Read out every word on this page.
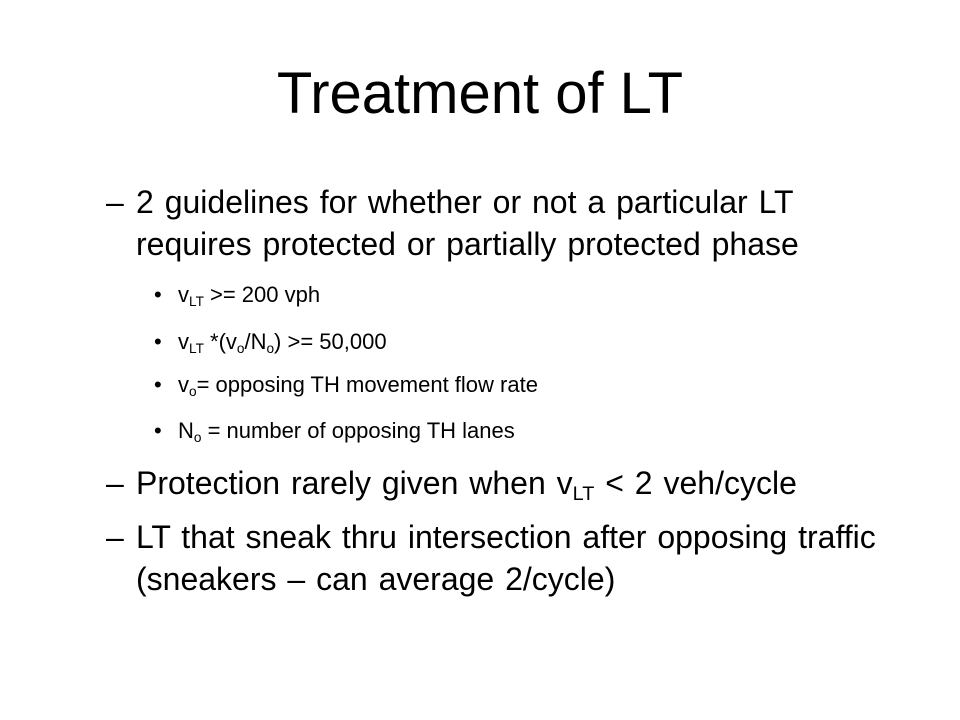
Treatment of LT
– 2 guidelines for whether or not a particular LT requires protected or partially protected phase
• $v_{LT} >= 200$ vph
• $v_{LT}$ $*(v_o/N_o) >= 50,000$
• $v_o=$ opposing TH movement flow rate
• $N_o$ = number of opposing TH lanes
– Protection rarely given when $v_{LT} < 2$ veh/cycle
– LT that sneak thru intersection after opposing traffic (sneakers – can average 2/cycle)
